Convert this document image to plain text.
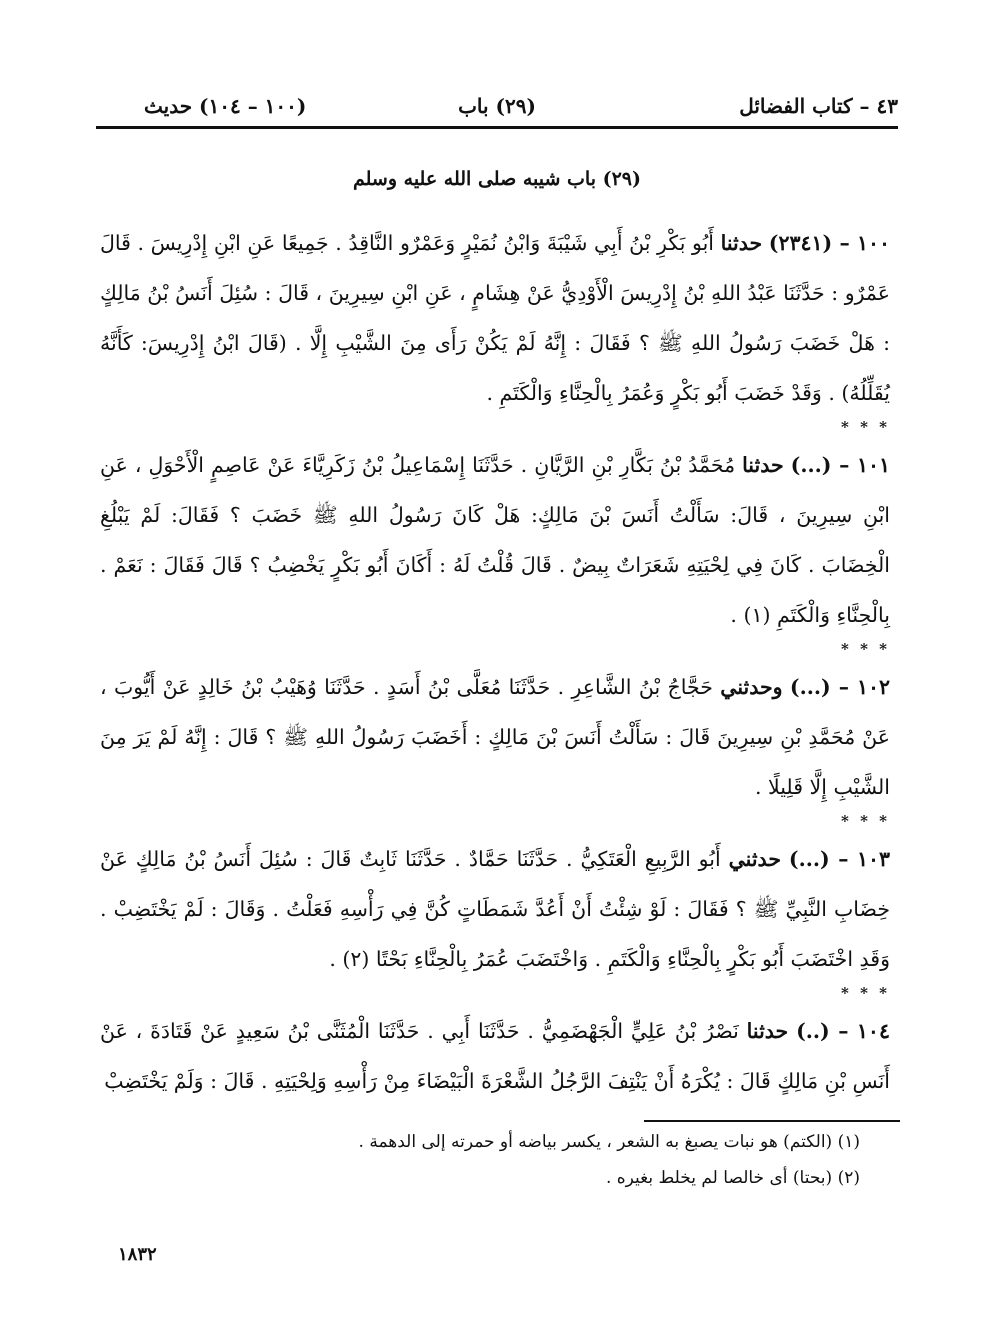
٤٣ – كتاب الفضائل
(٢٩) باب
(١٠٠ – ١٠٤) حديث
(٢٩) باب شيبه صلى الله عليه وسلم

١٠٠ – (٢٣٤١) حدثنا أَبُو بَكْرِ بْنُ أَبِي شَيْبَةَ وَابْنُ نُمَيْرٍ وَعَمْرٌو النَّاقِدُ . جَمِيعًا عَنِ ابْنِ إِدْرِيسَ . قَالَ عَمْرٌو : حَدَّثَنَا عَبْدُ اللهِ بْنُ إِدْرِيسَ الْأَوْدِيُّ عَنْ هِشَامٍ ، عَنِ ابْنِ سِيرِينَ ، قَالَ : سُئِلَ أَنَسُ بْنُ مَالِكٍ : هَلْ خَضَبَ رَسُولُ اللهِ ﷺ ؟ فَقَالَ : إِنَّهُ لَمْ يَكُنْ رَأَى مِنَ الشَّيْبِ إِلَّا . (قَالَ ابْنُ إِدْرِيسَ: كَأَنَّهُ يُقَلِّلُهُ) . وَقَدْ خَضَبَ أَبُو بَكْرٍ وَعُمَرُ بِالْحِنَّاءِ وَالْكَتَمِ .

* * *

١٠١ – (...) حدثنا مُحَمَّدُ بْنُ بَكَّارِ بْنِ الرَّيَّانِ . حَدَّثَنَا إِسْمَاعِيلُ بْنُ زَكَرِيَّاءَ عَنْ عَاصِمٍ الْأَحْوَلِ ، عَنِ ابْنِ سِيرِينَ ، قَالَ: سَأَلْتُ أَنَسَ بْنَ مَالِكٍ: هَلْ كَانَ رَسُولُ اللهِ ﷺ خَضَبَ ؟ فَقَالَ: لَمْ يَبْلُغِ الْخِضَابَ . كَانَ فِي لِحْيَتِهِ شَعَرَاتٌ بِيضٌ . قَالَ قُلْتُ لَهُ : أَكَانَ أَبُو بَكْرٍ يَخْضِبُ ؟ قَالَ فَقَالَ : نَعَمْ . بِالْحِنَّاءِ وَالْكَتَمِ (١) .

* * *

١٠٢ – (...) وحدثني حَجَّاجُ بْنُ الشَّاعِرِ . حَدَّثَنَا مُعَلَّى بْنُ أَسَدٍ . حَدَّثَنَا وُهَيْبُ بْنُ خَالِدٍ عَنْ أَيُّوبَ ، عَنْ مُحَمَّدِ بْنِ سِيرِينَ قَالَ : سَأَلْتُ أَنَسَ بْنَ مَالِكٍ : أَخَضَبَ رَسُولُ اللهِ ﷺ ؟ قَالَ : إِنَّهُ لَمْ يَرَ مِنَ الشَّيْبِ إِلَّا قَلِيلًا .

* * *

١٠٣ – (...) حدثني أَبُو الرَّبِيعِ الْعَتَكِيُّ . حَدَّثَنَا حَمَّادٌ . حَدَّثَنَا ثَابِتٌ قَالَ : سُئِلَ أَنَسُ بْنُ مَالِكٍ عَنْ خِضَابِ النَّبِيِّ ﷺ ؟ فَقَالَ : لَوْ شِئْتُ أَنْ أَعُدَّ شَمَطَاتٍ كُنَّ فِي رَأْسِهِ فَعَلْتُ . وَقَالَ : لَمْ يَخْتَضِبْ . وَقَدِ اخْتَضَبَ أَبُو بَكْرٍ بِالْحِنَّاءِ وَالْكَتَمِ . وَاخْتَضَبَ عُمَرُ بِالْحِنَّاءِ بَحْتًا (٢) .

* * *

١٠٤ – (..) حدثنا نَصْرُ بْنُ عَلِيٍّ الْجَهْضَمِيُّ . حَدَّثَنَا أَبِي . حَدَّثَنَا الْمُثَنَّى بْنُ سَعِيدٍ عَنْ قَتَادَةَ ، عَنْ أَنَسِ بْنِ مَالِكٍ قَالَ : يُكْرَهُ أَنْ يَنْتِفَ الرَّجُلُ الشَّعْرَةَ الْبَيْضَاءَ مِنْ رَأْسِهِ وَلِحْيَتِهِ . قَالَ : وَلَمْ يَخْتَضِبْ

(١) (الكتم) هو نبات يصبغ به الشعر ، يكسر بياضه أو حمرته إلى الدهمة .
(٢) (بحتا) أى خالصا لم يخلط بغيره .
١٨٣٢
